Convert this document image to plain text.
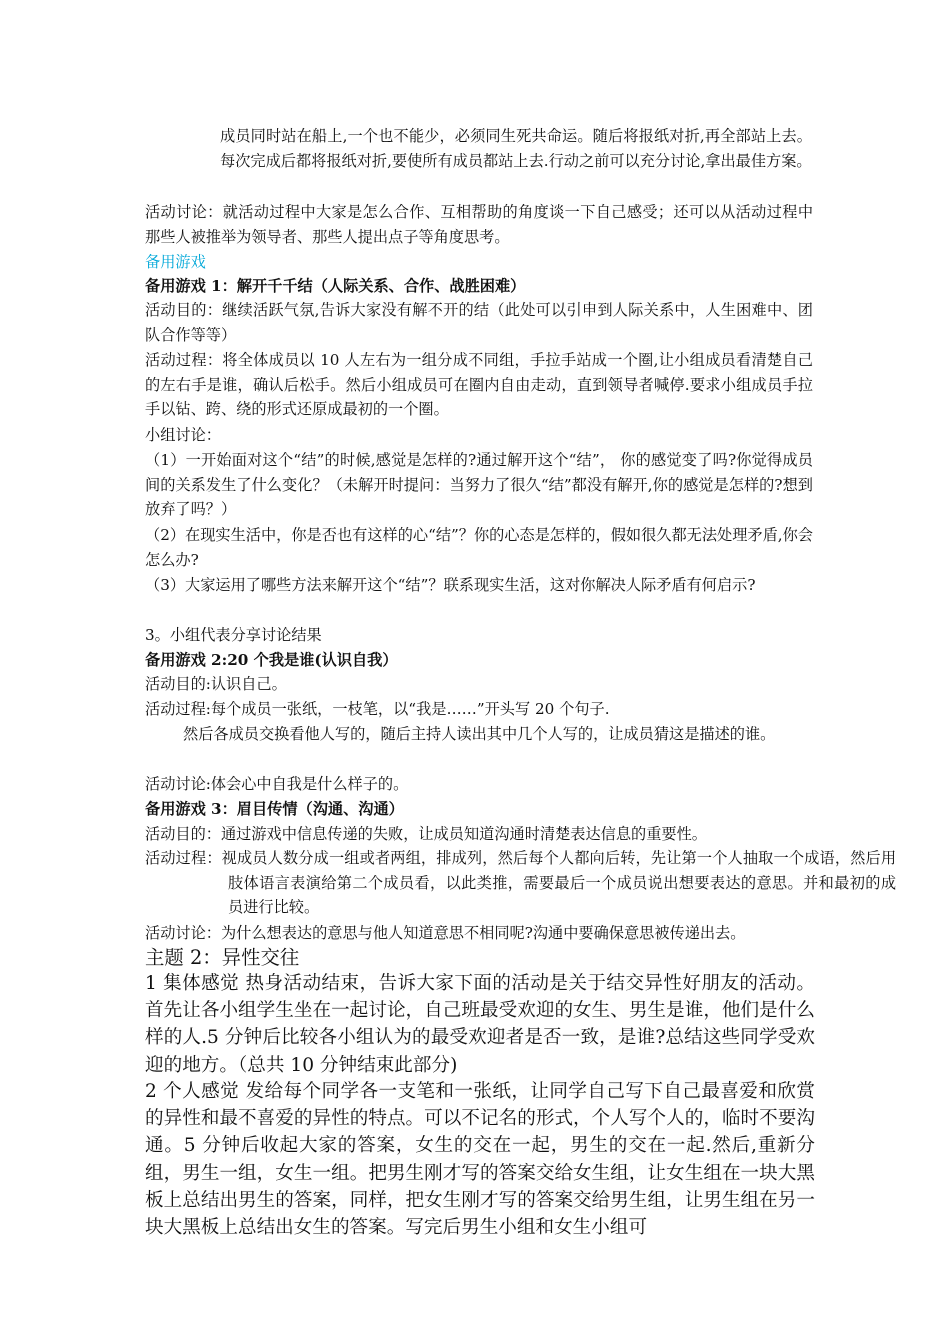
成员同时站在船上,一个也不能少，必须同生死共命运。随后将报纸对折,再全部站上去。每次完成后都将报纸对折,要使所有成员都站上去.行动之前可以充分讨论,拿出最佳方案。

活动讨论：就活动过程中大家是怎么合作、互相帮助的角度谈一下自己感受；还可以从活动过程中那些人被推举为领导者、那些人提出点子等角度思考。

备用游戏

备用游戏 1：解开千千结（人际关系、合作、战胜困难）

活动目的：继续活跃气氛,告诉大家没有解不开的结（此处可以引申到人际关系中，人生困难中、团队合作等等）

活动过程：将全体成员以 10 人左右为一组分成不同组，手拉手站成一个圈,让小组成员看清楚自己的左右手是谁，确认后松手。然后小组成员可在圈内自由走动，直到领导者喊停.要求小组成员手拉手以钻、跨、绕的形式还原成最初的一个圈。

小组讨论：

（1）一开始面对这个“结”的时候,感觉是怎样的?通过解开这个“结”， 你的感觉变了吗?你觉得成员间的关系发生了什么变化？（未解开时提问：当努力了很久“结”都没有解开,你的感觉是怎样的?想到放弃了吗？）

（2）在现实生活中，你是否也有这样的心“结”？你的心态是怎样的，假如很久都无法处理矛盾,你会怎么办?

（3）大家运用了哪些方法来解开这个“结”？联系现实生活，这对你解决人际矛盾有何启示?

3。小组代表分享讨论结果

备用游戏 2:20 个我是谁(认识自我）

活动目的:认识自己。

活动过程:每个成员一张纸，一枝笔，以“我是……”开头写 20 个句子.

然后各成员交换看他人写的，随后主持人读出其中几个人写的，让成员猜这是描述的谁。

活动讨论:体会心中自我是什么样子的。

备用游戏 3：眉目传情（沟通、沟通）

活动目的：通过游戏中信息传递的失败，让成员知道沟通时清楚表达信息的重要性。

活动过程：视成员人数分成一组或者两组，排成列，然后每个人都向后转，先让第一个人抽取一个成语，然后用肢体语言表演给第二个成员看，以此类推，需要最后一个成员说出想要表达的意思。并和最初的成员进行比较。

活动讨论：为什么想表达的意思与他人知道意思不相同呢?沟通中要确保意思被传递出去。

主题 2：异性交往

1 集体感觉 热身活动结束，告诉大家下面的活动是关于结交异性好朋友的活动。首先让各小组学生坐在一起讨论，自己班最受欢迎的女生、男生是谁，他们是什么样的人.5 分钟后比较各小组认为的最受欢迎者是否一致，是谁?总结这些同学受欢迎的地方。（总共 10 分钟结束此部分)

2 个人感觉 发给每个同学各一支笔和一张纸，让同学自己写下自己最喜爱和欣赏的异性和最不喜爱的异性的特点。可以不记名的形式，个人写个人的，临时不要沟通。5 分钟后收起大家的答案，女生的交在一起，男生的交在一起.然后,重新分组，男生一组，女生一组。把男生刚才写的答案交给女生组，让女生组在一块大黑板上总结出男生的答案，同样，把女生刚才写的答案交给男生组，让男生组在另一块大黑板上总结出女生的答案。写完后男生小组和女生小组可
